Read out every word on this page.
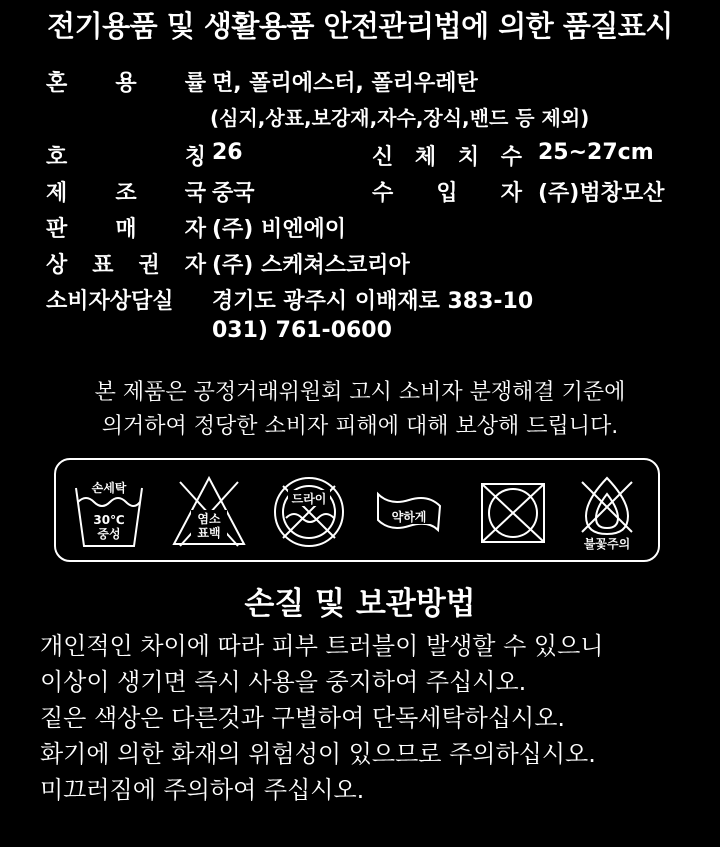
전기용품 및 생활용품 안전관리법에 의한 품질표시
혼 용 률 면, 폴리에스터, 폴리우레탄
(심지,상표,보강재,자수,장식,밴드 등 제외)
호	칭 26	신 체 치 수 25~27cm
제 조 국 중국	수 입 자 (주)범창모산
판 매 자 (주) 비엔에이
상 표 권 자 (주) 스케쳐스코리아
소비자상담실 경기도 광주시 이배재로 383-10
031) 761-0600
본 제품은 공정거래위원회 고시 소비자 분쟁해결 기준에
의거하여 정당한 소비자 피해에 대해 보상해 드립니다.
손세탁
30℃
중성
염소
표백
드라이
약하게
불꽃주의
손질 및 보관방법
개인적인 차이에 따라 피부 트러블이 발생할 수 있으니
이상이 생기면 즉시 사용을 중지하여 주십시오.
짙은 색상은 다른것과 구별하여 단독세탁하십시오.
화기에 의한 화재의 위험성이 있으므로 주의하십시오.
미끄러짐에 주의하여 주십시오.
